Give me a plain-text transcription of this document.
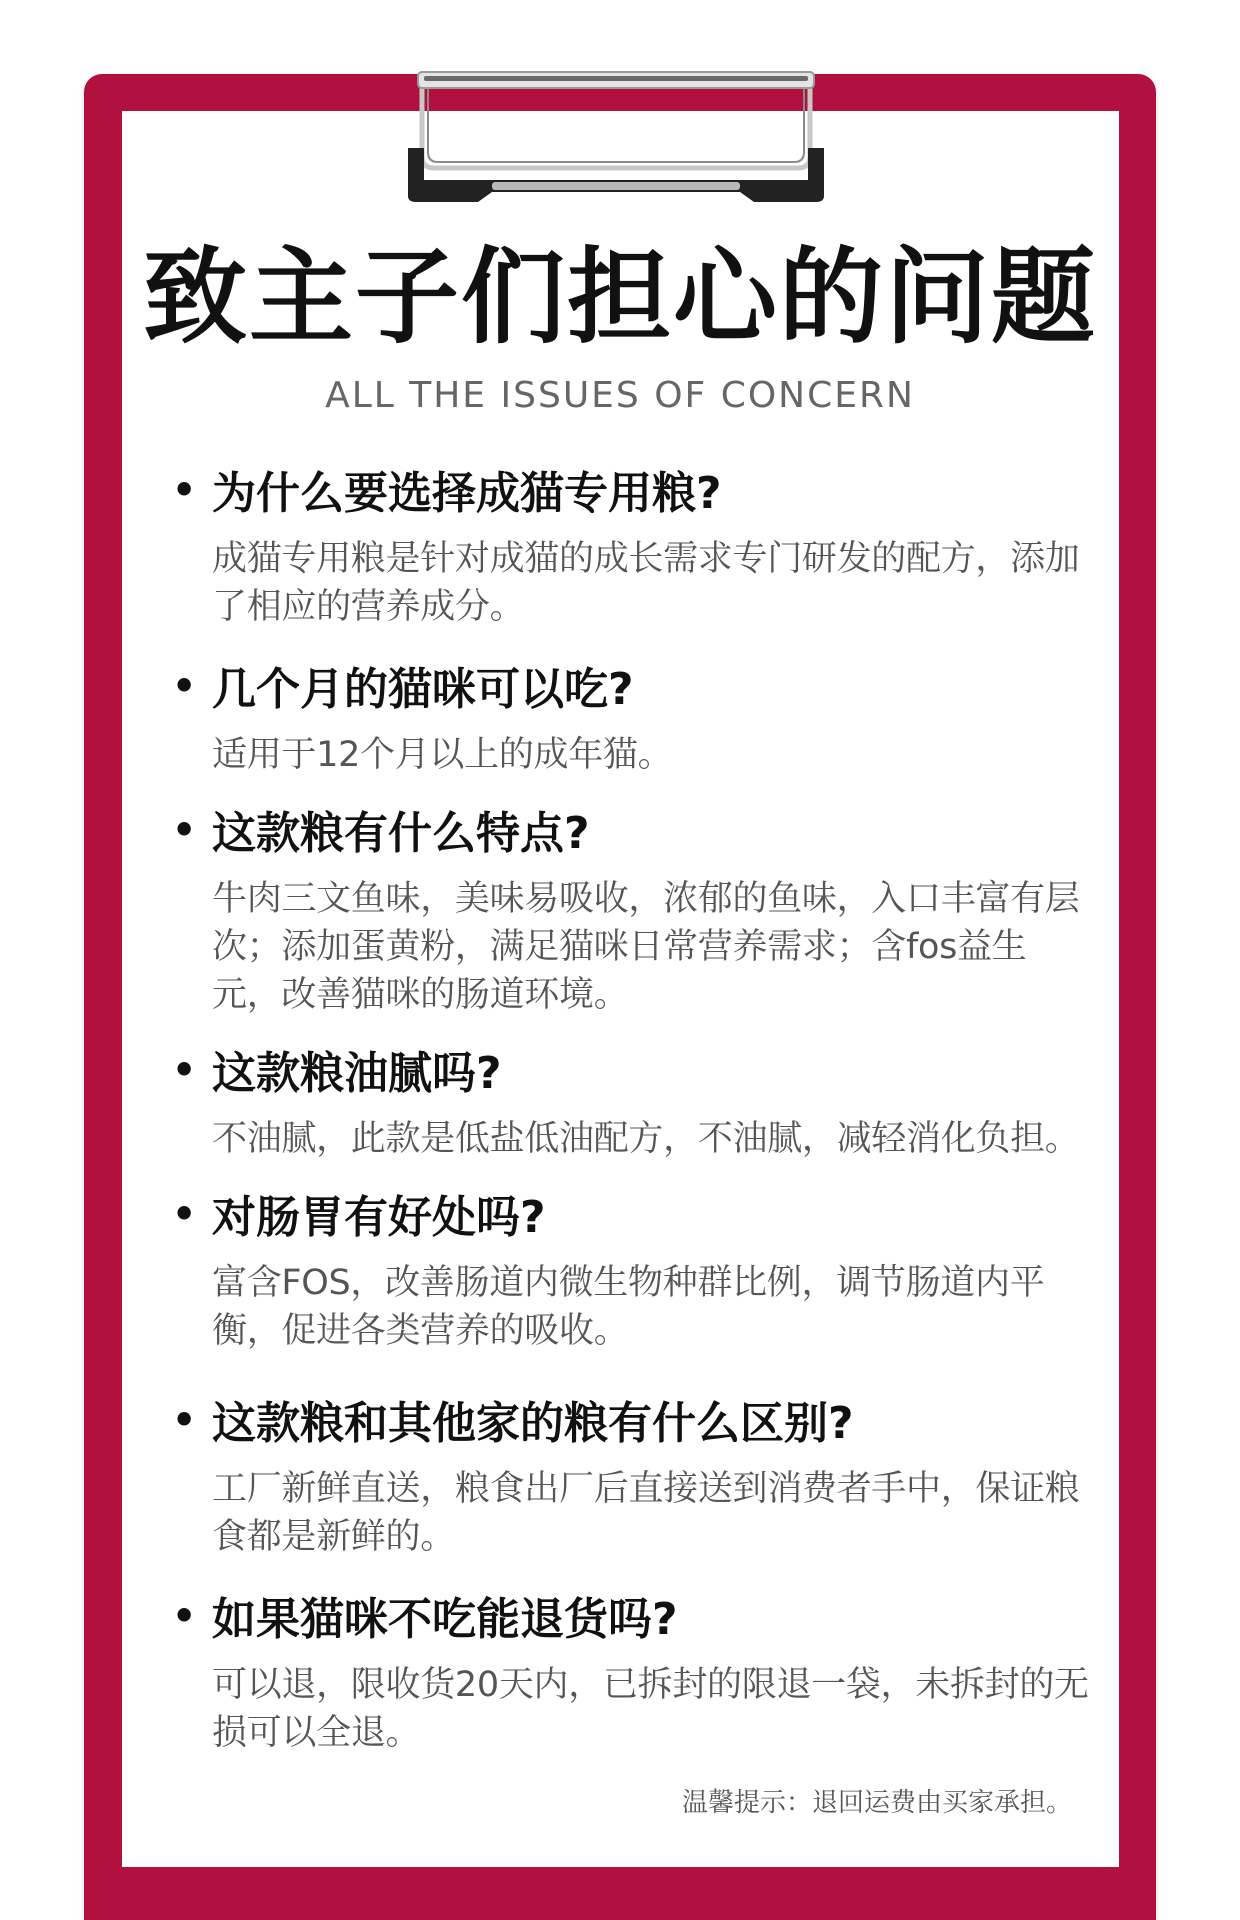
致主子们担心的问题
ALL THE ISSUES OF CONCERN
• 为什么要选择成猫专用粮?
成猫专用粮是针对成猫的成长需求专门研发的配方，添加了相应的营养成分。
• 几个月的猫咪可以吃?
适用于12个月以上的成年猫。
• 这款粮有什么特点?
牛肉三文鱼味，美味易吸收，浓郁的鱼味，入口丰富有层次；添加蛋黄粉，满足猫咪日常营养需求；含fos益生元，改善猫咪的肠道环境。
• 这款粮油腻吗?
不油腻，此款是低盐低油配方，不油腻，减轻消化负担。
• 对肠胃有好处吗?
富含FOS，改善肠道内微生物种群比例，调节肠道内平衡，促进各类营养的吸收。
• 这款粮和其他家的粮有什么区别?
工厂新鲜直送，粮食出厂后直接送到消费者手中，保证粮食都是新鲜的。
• 如果猫咪不吃能退货吗?
可以退，限收货20天内，已拆封的限退一袋，未拆封的无损可以全退。
温馨提示：退回运费由买家承担。
